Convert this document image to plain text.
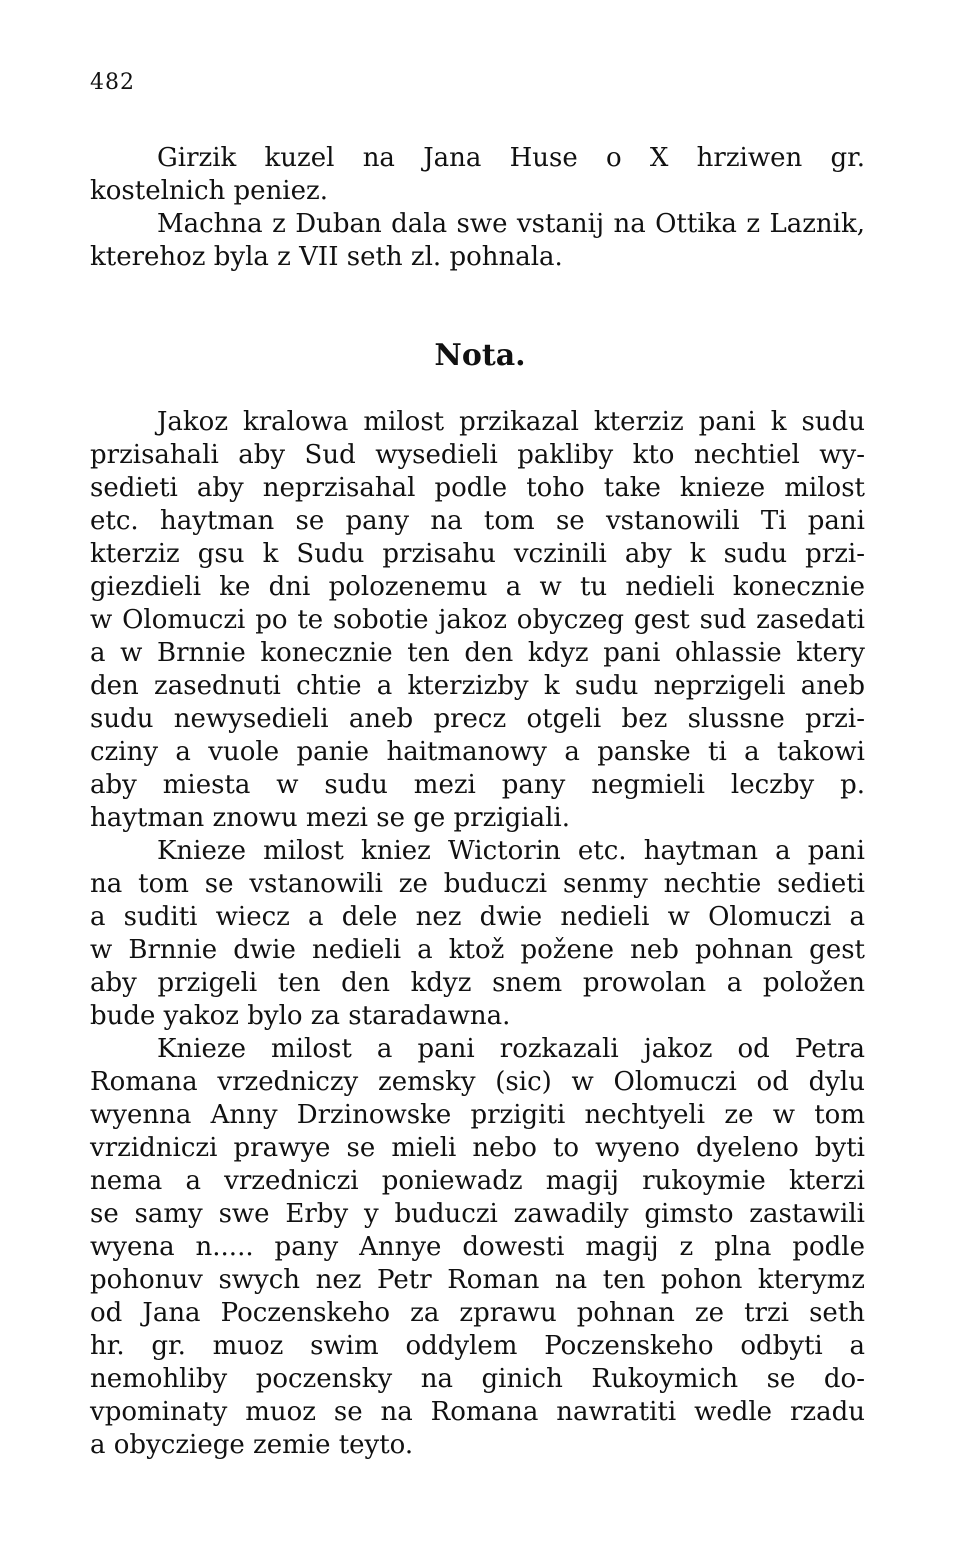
482
Girzik kuzel na Jana Huse o X hrziwen gr.
kostelnich peniez.
Machna z Duban dala swe vstanij na Ottika z Laznik,
kterehoz byla z VII seth zl. pohnala.
Nota.
Jakoz kralowa milost przikazal kterziz pani k sudu
przisahali aby Sud wysedieli pakliby kto nechtiel wy-
sedieti aby neprzisahal podle toho take knieze milost
etc. haytman se pany na tom se vstanowili Ti pani
kterziz gsu k Sudu przisahu vczinili aby k sudu przi-
giezdieli ke dni polozenemu a w tu nedieli konecznie
w Olomuczi po te sobotie jakoz obyczeg gest sud zasedati
a w Brnnie konecznie ten den kdyz pani ohlassie ktery
den zasednuti chtie a kterzizby k sudu neprzigeli aneb
sudu newysedieli aneb precz otgeli bez slussne przi-
cziny a vuole panie haitmanowy a panske ti a takowi
aby miesta w sudu mezi pany negmieli leczby p.
haytman znowu mezi se ge przigiali.
Knieze milost kniez Wictorin etc. haytman a pani
na tom se vstanowili ze buduczi senmy nechtie sedieti
a suditi wiecz a dele nez dwie nedieli w Olomuczi a
w Brnnie dwie nedieli a ktož požene neb pohnan gest
aby przigeli ten den kdyz snem prowolan a položen
bude yakoz bylo za staradawna.
Knieze milost a pani rozkazali jakoz od Petra
Romana vrzedniczy zemsky (sic) w Olomuczi od dylu
wyenna Anny Drzinowske przigiti nechtyeli ze w tom
vrzidniczi prawye se mieli nebo to wyeno dyeleno byti
nema a vrzedniczi poniewadz magij rukoymie kterzi
se samy swe Erby y buduczi zawadily gimsto zastawili
wyena n..... pany Annye dowesti magij z plna podle
pohonuv swych nez Petr Roman na ten pohon kterymz
od Jana Poczenskeho za zprawu pohnan ze trzi seth
hr. gr. muoz swim oddylem Poczenskeho odbyti a
nemohliby poczensky na ginich Rukoymich se do-
vpominaty muoz se na Romana nawratiti wedle rzadu
a obycziege zemie teyto.
